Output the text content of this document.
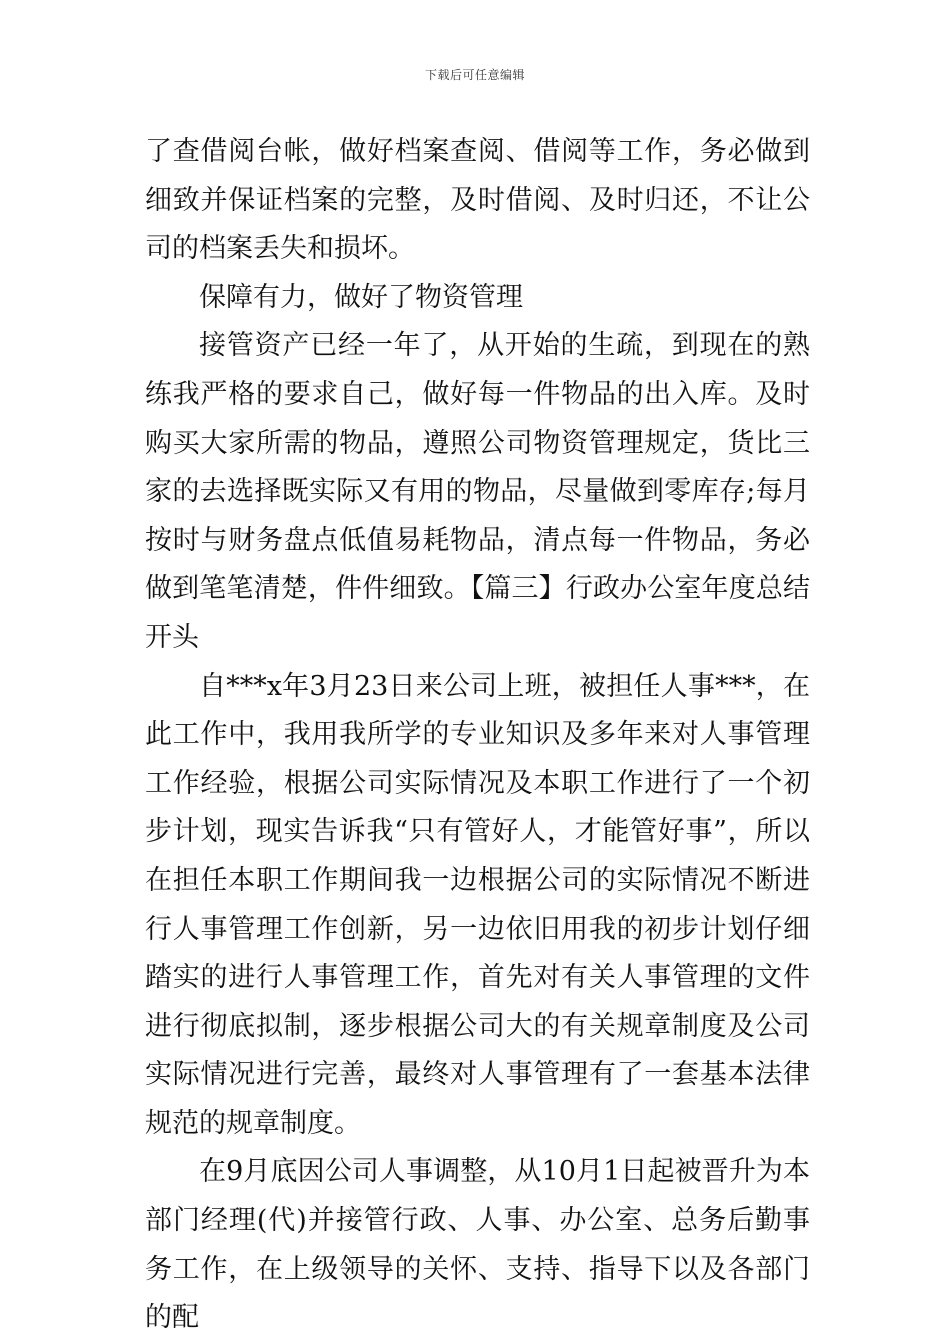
下载后可任意编辑

了查借阅台帐，做好档案查阅、借阅等工作，务必做到细致并保证档案的完整，及时借阅、及时归还，不让公司的档案丢失和损坏。

保障有力，做好了物资管理

接管资产已经一年了，从开始的生疏，到现在的熟练我严格的要求自己，做好每一件物品的出入库。及时购买大家所需的物品，遵照公司物资管理规定，货比三家的去选择既实际又有用的物品，尽量做到零库存;每月按时与财务盘点低值易耗物品，清点每一件物品，务必做到笔笔清楚，件件细致。【篇三】行政办公室年度总结开头

自***x年3月23日来公司上班，被担任人事***，在此工作中，我用我所学的专业知识及多年来对人事管理工作经验，根据公司实际情况及本职工作进行了一个初步计划，现实告诉我“只有管好人，才能管好事”，所以在担任本职工作期间我一边根据公司的实际情况不断进行人事管理工作创新，另一边依旧用我的初步计划仔细踏实的进行人事管理工作，首先对有关人事管理的文件进行彻底拟制，逐步根据公司大的有关规章制度及公司实际情况进行完善，最终对人事管理有了一套基本法律规范的规章制度。

在9月底因公司人事调整，从10月1日起被晋升为本部门经理(代)并接管行政、人事、办公室、总务后勤事务工作，在上级领导的关怀、支持、指导下以及各部门的配
